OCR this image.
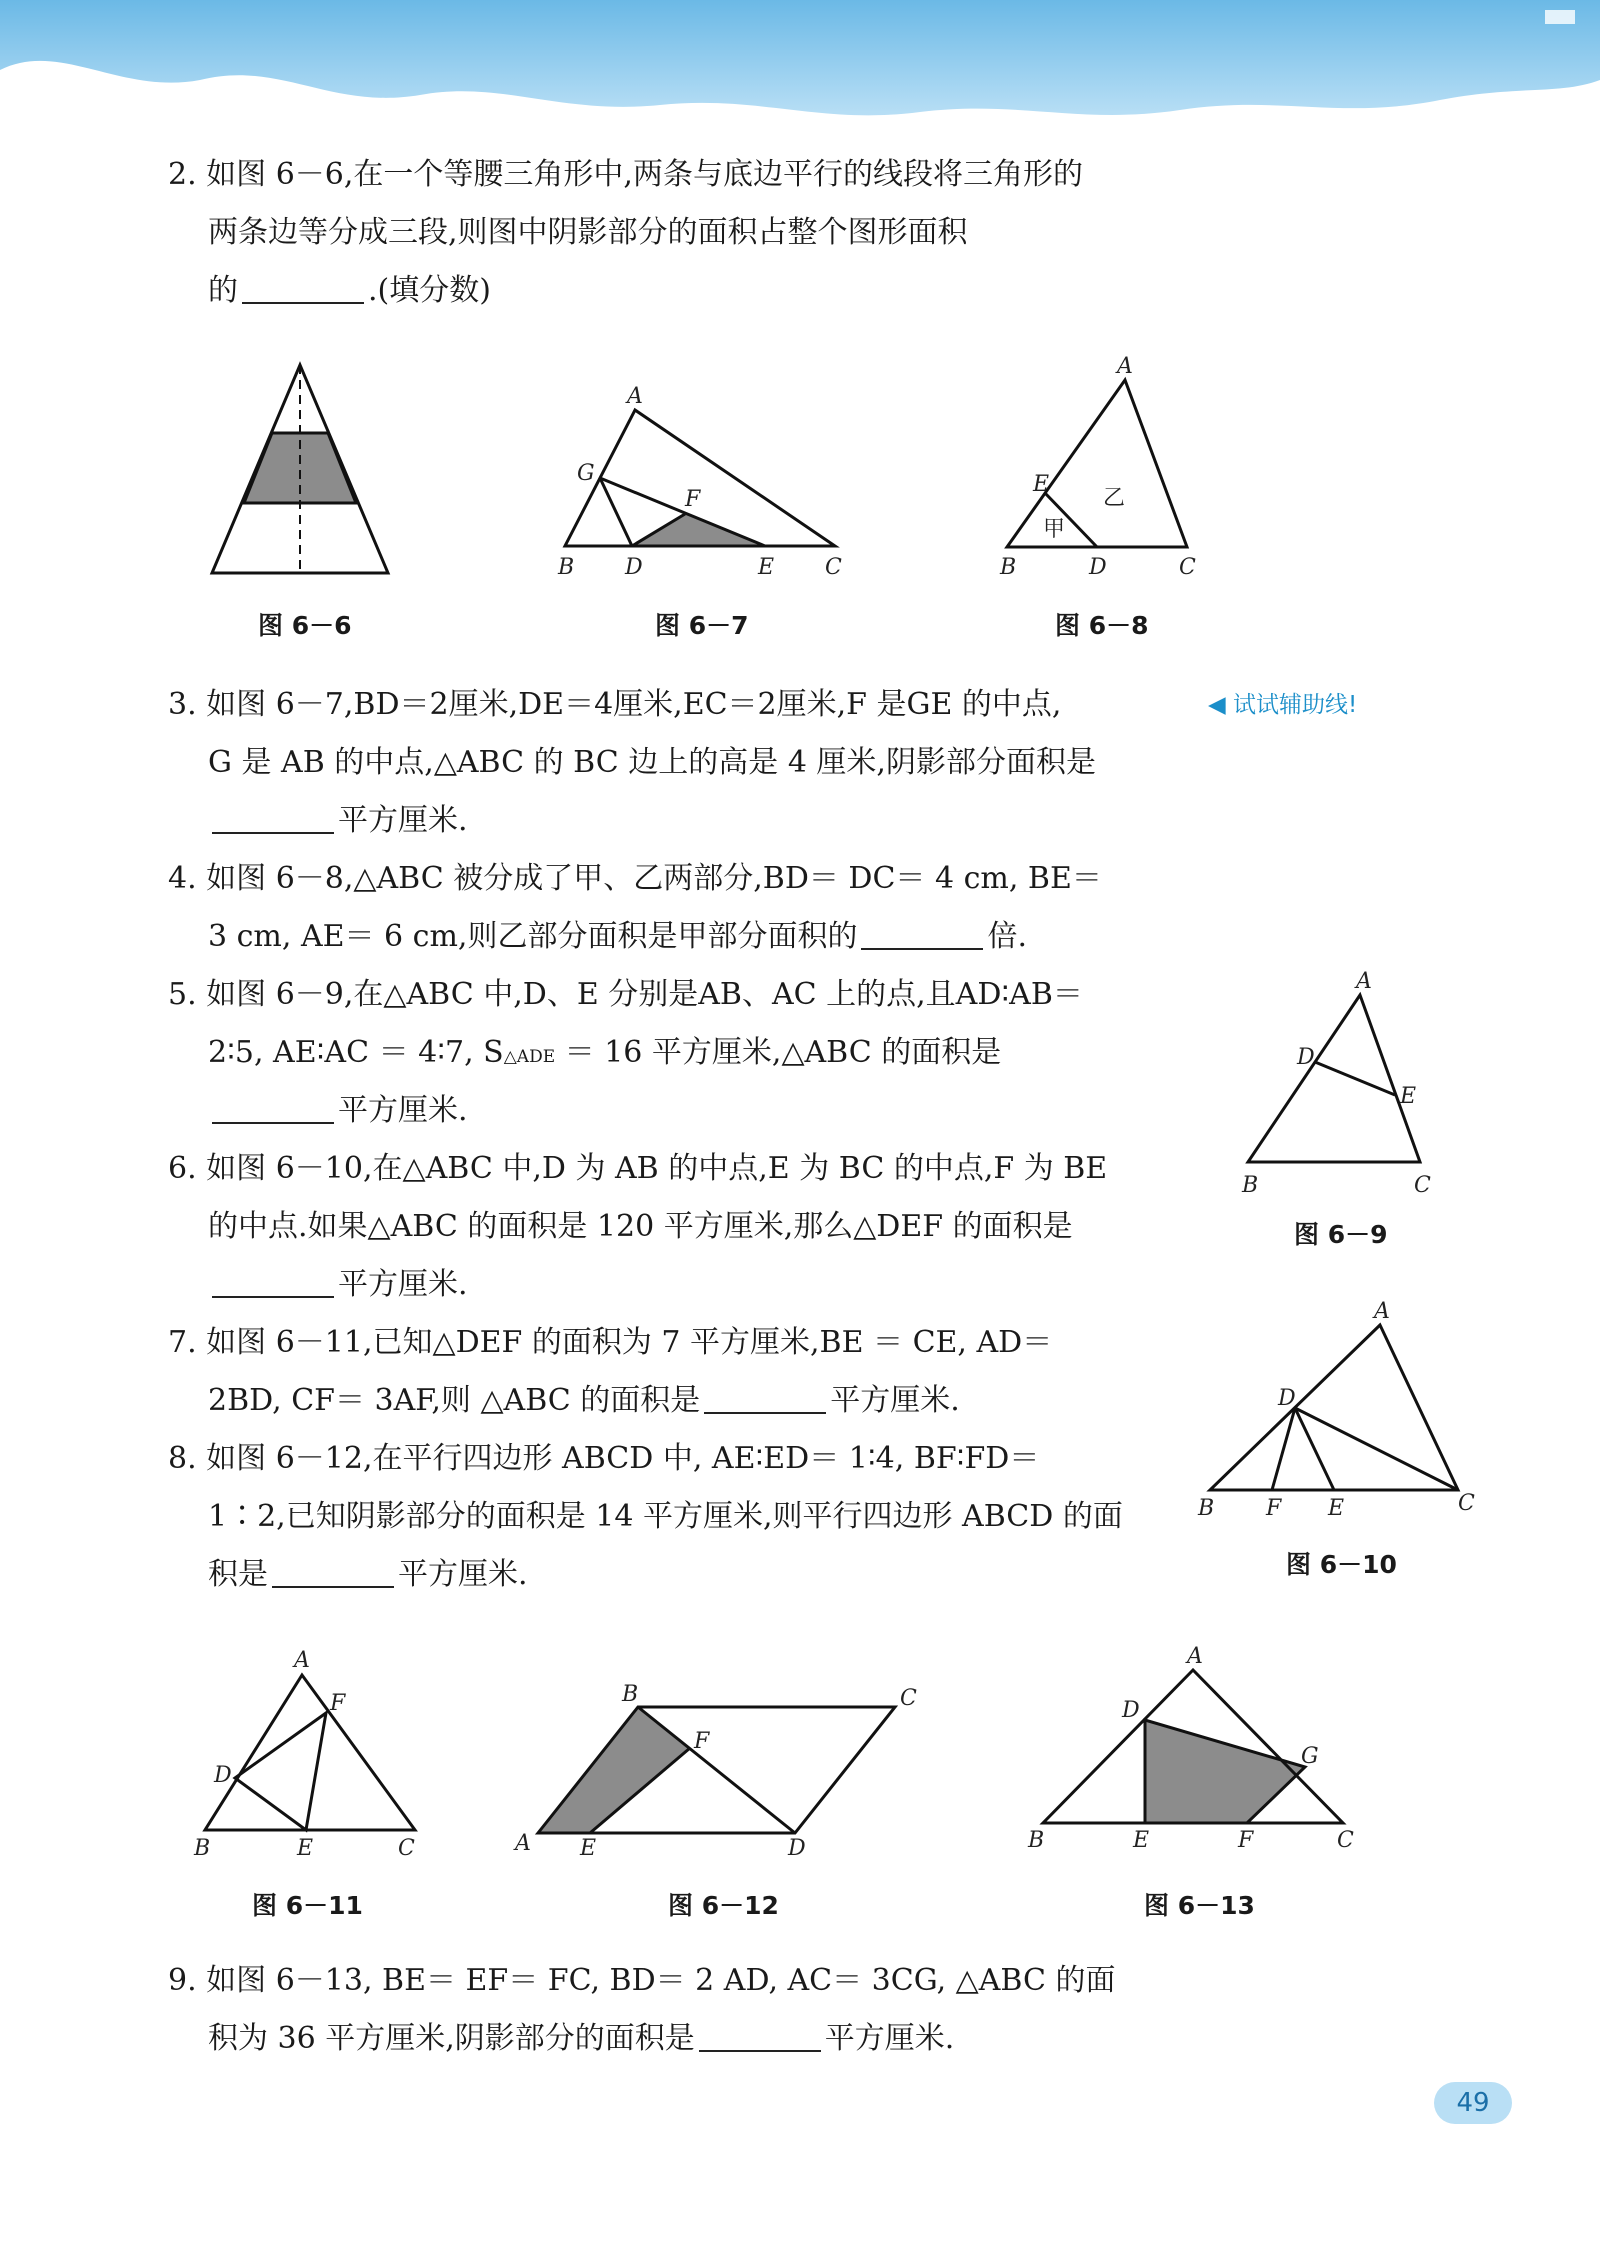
2. 如图 6－6,在一个等腰三角形中,两条与底边平行的线段将三角形的
两条边等分成三段,则图中阴影部分的面积占整个图形面积
的	.(填分数)
图 6－6
A
G
F
B D	E C
图 6－7
A
E
甲
乙
B	D	C
图 6－8
◀ 试试辅助线!
3. 如图 6－7,BD＝2厘米,DE＝4厘米,EC＝2厘米,F 是GE 的中点,
G 是 AB 的中点,△ABC 的 BC 边上的高是 4 厘米,阴影部分面积是
平方厘米.
4. 如图 6－8,△ABC 被分成了甲、乙两部分,BD＝ DC＝ 4 cm, BE＝
3 cm, AE＝ 6 cm,则乙部分面积是甲部分面积的	倍.
5. 如图 6－9,在△ABC 中,D、E 分别是AB、AC 上的点,且AD∶AB＝
2∶5, AE∶AC ＝ 4∶7, S△ADE ＝ 16 平方厘米,△ABC 的面积是
平方厘米.
A
D
E
B	C
图 6－9
6. 如图 6－10,在△ABC 中,D 为 AB 的中点,E 为 BC 的中点,F 为 BE
的中点.如果△ABC 的面积是 120 平方厘米,那么△DEF 的面积是
平方厘米.
A
D
B F E	C
图 6－10
7. 如图 6－11,已知△DEF 的面积为 7 平方厘米,BE ＝ CE, AD＝
2BD, CF＝ 3AF,则 △ABC 的面积是	平方厘米.
8. 如图 6－12,在平行四边形 ABCD 中, AE∶ED＝ 1∶4, BF∶FD＝
1∶2,已知阴影部分的面积是 14 平方厘米,则平行四边形 ABCD 的面
积是	平方厘米.
A
F
D
B	E	C
图 6－11
B	C
F
A E	D
图 6－12
A
D
G
B	E	F	C
图 6－13
9. 如图 6－13, BE＝ EF＝ FC, BD＝ 2 AD, AC＝ 3CG, △ABC 的面
积为 36 平方厘米,阴影部分的面积是	平方厘米.
49
